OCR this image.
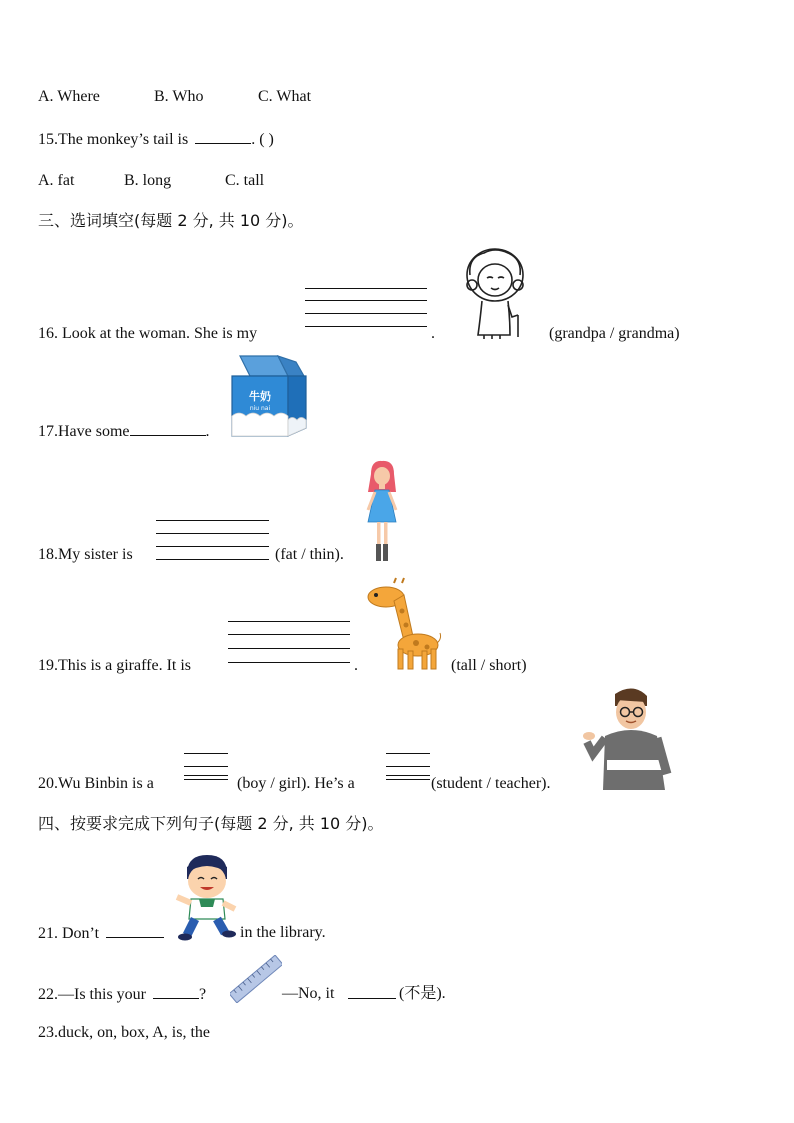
A. Where	B. Who	C. What
15.The monkey’s tail is	. ( )
A. fat	B. long	C. tall
三、选词填空(每题 2 分, 共 10 分)。
16. Look at the woman. She is my	.	(grandpa / grandma)
17.Have some	.
牛奶
niu nai
18.My sister is	(fat / thin).
19.This is a giraffe. It is	.	(tall / short)
20.Wu Binbin is a	(boy / girl). He’s a	(student / teacher).
四、按要求完成下列句子(每题 2 分, 共 10 分)。
21. Don’t	in the library.
22.—Is this your	?	—No, it	(不是).
23.duck, on, box, A, is, the
